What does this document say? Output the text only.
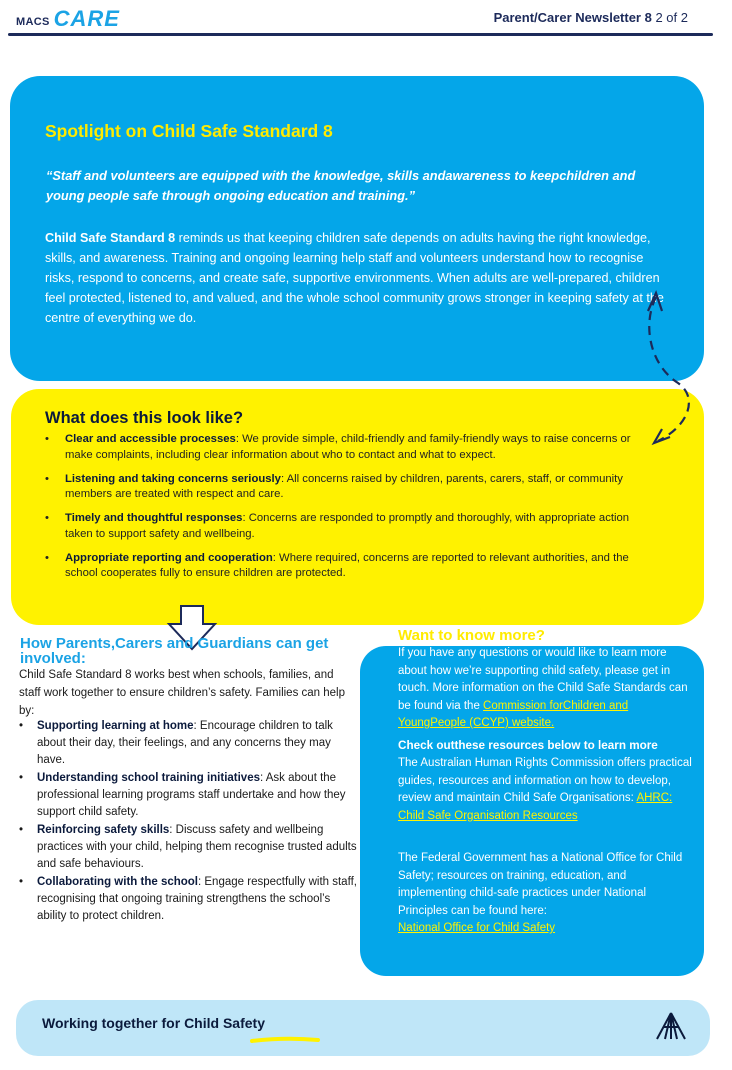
MACS CARE	Parent/Carer Newsletter 8 2 of 2
Spotlight on Child Safe Standard 8
“Staff and volunteers are equipped with the knowledge, skills andawareness to keepchildren and young people safe through ongoing education and training.”
Child Safe Standard 8 reminds us that keeping children safe depends on adults having the right knowledge, skills, and awareness. Training and ongoing learning help staff and volunteers understand how to recognise risks, respond to concerns, and create safe, supportive environments. When adults are well-prepared, children feel protected, listened to, and valued, and the whole school community grows stronger in keeping safety at the centre of everything we do.
What does this look like?
• Clear and accessible processes: We provide simple, child-friendly and family-friendly ways to raise concerns or make complaints, including clear information about who to contact and what to expect.
• Listening and taking concerns seriously: All concerns raised by children, parents, carers, staff, or community members are treated with respect and care.
• Timely and thoughtful responses: Concerns are responded to promptly and thoroughly, with appropriate action taken to support safety and wellbeing.
• Appropriate reporting and cooperation: Where required, concerns are reported to relevant authorities, and the school cooperates fully to ensure children are protected.
How Parents,Carers and Guardians can get involved:
Child Safe Standard 8 works best when schools, families, and staff work together to ensure children’s safety. Families can help by:
• Supporting learning at home: Encourage children to talk about their day, their feelings, and any concerns they may have.
• Understanding school training initiatives: Ask about the professional learning programs staff undertake and how they support child safety.
• Reinforcing safety skills: Discuss safety and wellbeing practices with your child, helping them recognise trusted adults and safe behaviours.
• Collaborating with the school: Engage respectfully with staff, recognising that ongoing training strengthens the school’s ability to protect children.
Want to know more?
If you have any questions or would like to learn more about how we’re supporting child safety, please get in touch. More information on the Child Safe Standards can be found via the Commission forChildren and YoungPeople (CCYP) website.
Check outthese resources below to learn more
The Australian Human Rights Commission offers practical guides, resources and information on how to develop, review and maintain Child Safe Organisations: AHRC: Child Safe Organisation Resources
The Federal Government has a National Office for Child Safety; resources on training, education, and implementing child-safe practices under National Principles can be found here:
National Office for Child Safety
Working together for Child Safety
